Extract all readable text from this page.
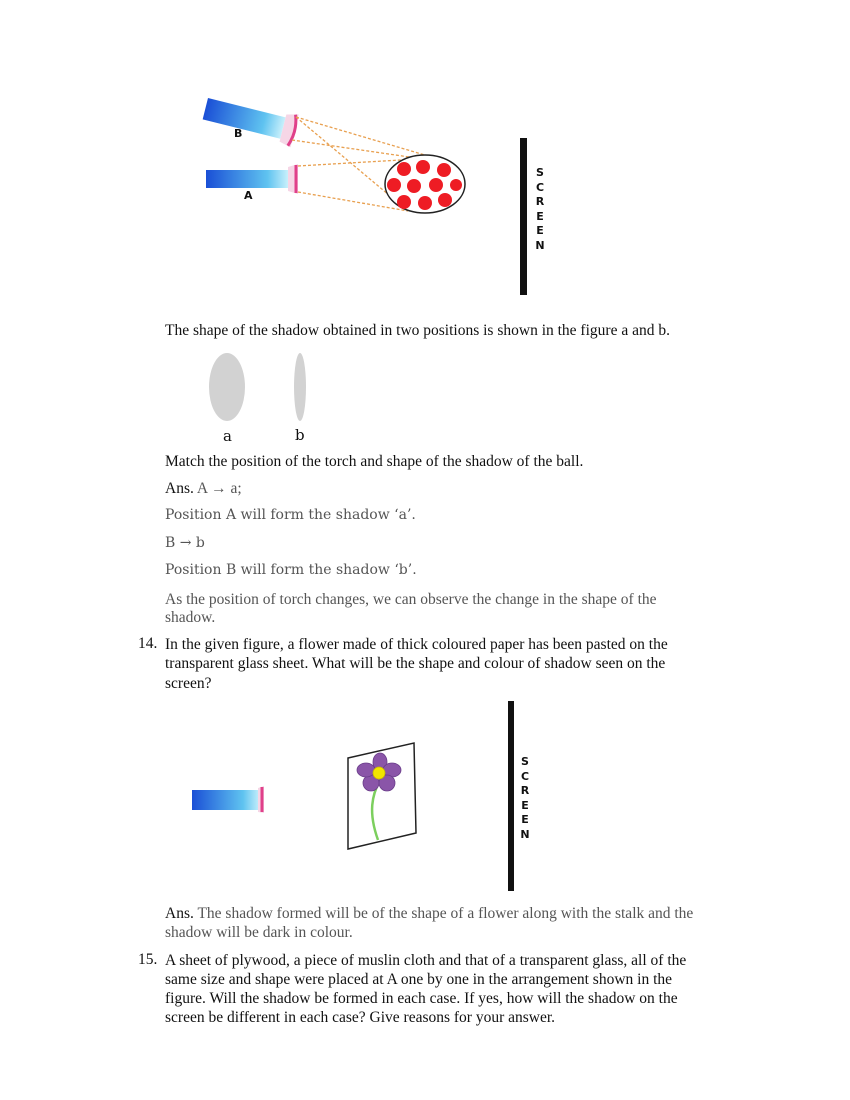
B
A
S
C
R
E
E
N
The shape of the shadow obtained in two positions is shown in the figure a and b.
a	b
Match the position of the torch and shape of the shadow of the ball.
Ans. A → a;
Position A will form the shadow ‘a’.
B → b
Position B will form the shadow ‘b’.
As the position of torch changes, we can observe the change in the shape of the
shadow.
14. In the given figure, a flower made of thick coloured paper has been pasted on the
transparent glass sheet. What will be the shape and colour of shadow seen on the
screen?
S
C
R
E
E
N
Ans. The shadow formed will be of the shape of a flower along with the stalk and the
shadow will be dark in colour.
15. A sheet of plywood, a piece of muslin cloth and that of a transparent glass, all of the
same size and shape were placed at A one by one in the arrangement shown in the
figure. Will the shadow be formed in each case. If yes, how will the shadow on the
screen be different in each case? Give reasons for your answer.
